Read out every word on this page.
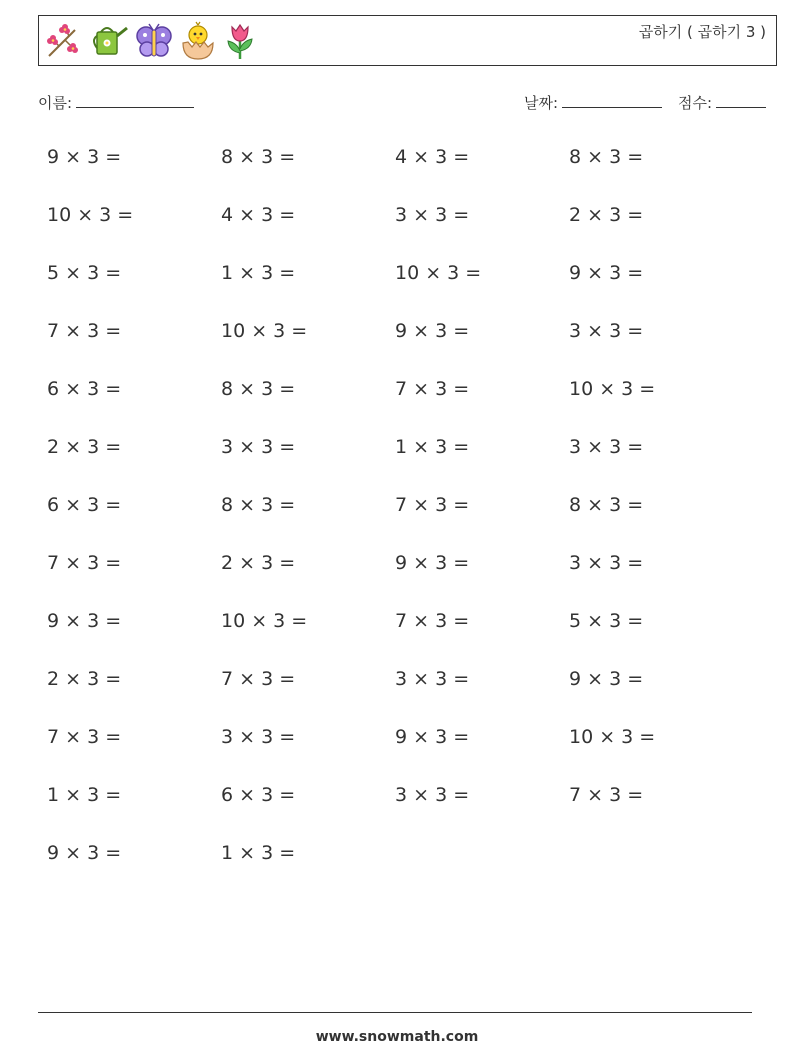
곱하기 ( 곱하기 3 )
이름:	날짜:	점수:
9 × 3 =	8 × 3 =	4 × 3 =	8 × 3 =
10 × 3 =	4 × 3 =	3 × 3 =	2 × 3 =
5 × 3 =	1 × 3 =	10 × 3 =	9 × 3 =
7 × 3 =	10 × 3 =	9 × 3 =	3 × 3 =
6 × 3 =	8 × 3 =	7 × 3 =	10 × 3 =
2 × 3 =	3 × 3 =	1 × 3 =	3 × 3 =
6 × 3 =	8 × 3 =	7 × 3 =	8 × 3 =
7 × 3 =	2 × 3 =	9 × 3 =	3 × 3 =
9 × 3 =	10 × 3 =	7 × 3 =	5 × 3 =
2 × 3 =	7 × 3 =	3 × 3 =	9 × 3 =
7 × 3 =	3 × 3 =	9 × 3 =	10 × 3 =
1 × 3 =	6 × 3 =	3 × 3 =	7 × 3 =
9 × 3 =	1 × 3 =
www.snowmath.com
